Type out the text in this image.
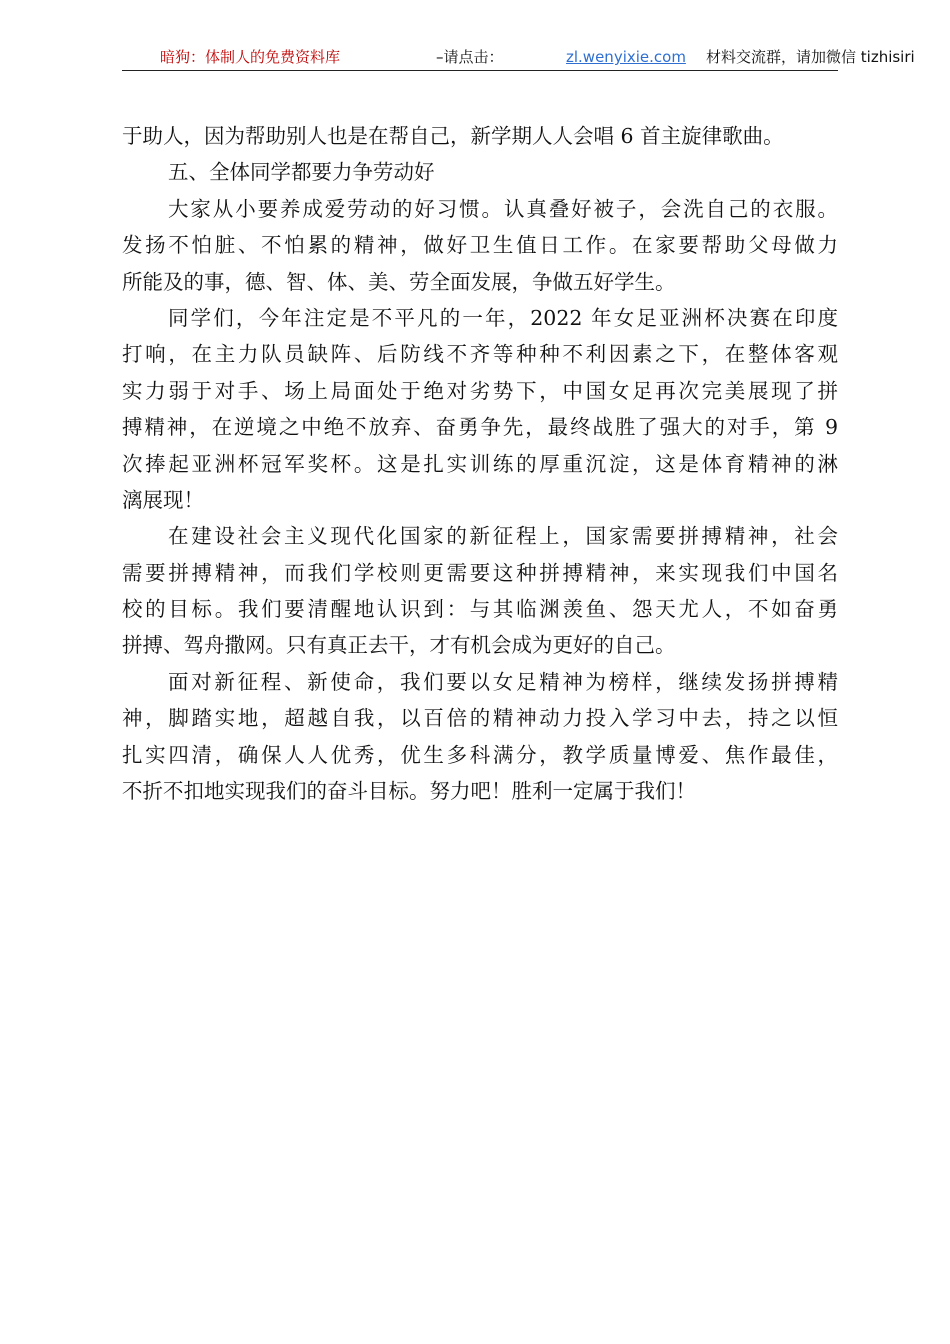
暗狗：体制人的免费资料库	–请点击：	zl.wenyixie.com 材料交流群，请加微信 tizhisiri
于助人，因为帮助别人也是在帮自己，新学期人人会唱 6 首主旋律歌曲。
五、全体同学都要力争劳动好
大家从小要养成爱劳动的好习惯。认真叠好被子，会洗自己的衣服。
发扬不怕脏、不怕累的精神，做好卫生值日工作。在家要帮助父母做力
所能及的事，德、智、体、美、劳全面发展，争做五好学生。
同学们，今年注定是不平凡的一年，2022 年女足亚洲杯决赛在印度
打响，在主力队员缺阵、后防线不齐等种种不利因素之下，在整体客观
实力弱于对手、场上局面处于绝对劣势下，中国女足再次完美展现了拼
搏精神，在逆境之中绝不放弃、奋勇争先，最终战胜了强大的对手，第 9
次捧起亚洲杯冠军奖杯。这是扎实训练的厚重沉淀，这是体育精神的淋
漓展现！
在建设社会主义现代化国家的新征程上，国家需要拼搏精神，社会
需要拼搏精神，而我们学校则更需要这种拼搏精神，来实现我们中国名
校的目标。我们要清醒地认识到：与其临渊羡鱼、怨天尤人，不如奋勇
拼搏、驾舟撒网。只有真正去干，才有机会成为更好的自己。
面对新征程、新使命，我们要以女足精神为榜样，继续发扬拼搏精
神，脚踏实地，超越自我，以百倍的精神动力投入学习中去，持之以恒
扎实四清，确保人人优秀，优生多科满分，教学质量博爱、焦作最佳，
不折不扣地实现我们的奋斗目标。努力吧！胜利一定属于我们！
